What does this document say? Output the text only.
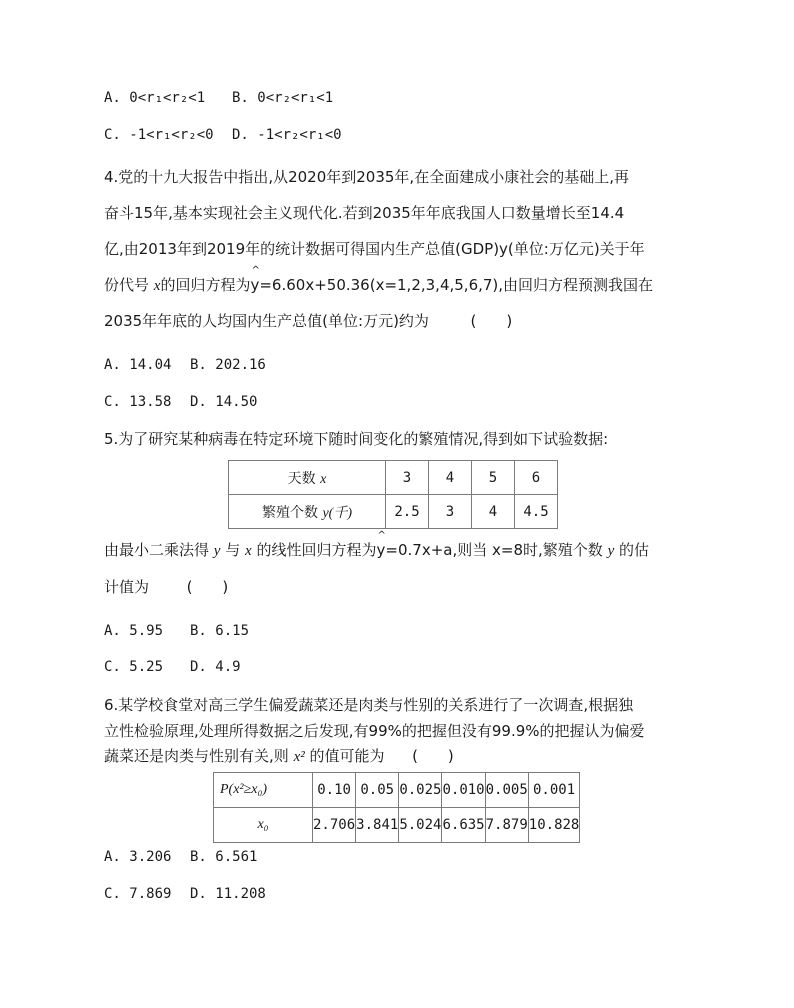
A. 0<r₁<r₂<1 B. 0<r₂<r₁<1
C. -1<r₁<r₂<0 D. -1<r₂<r₁<0
4.党的十九大报告中指出,从2020年到2035年,在全面建成小康社会的基础上,再
奋斗15年,基本实现社会主义现代化.若到2035年年底我国人口数量增长至14.4
亿,由2013年到2019年的统计数据可得国内生产总值(GDP)y(单位:万亿元)关于年
份代号 x的回归方程为^ y=6.60x+50.36(x=1,2,3,4,5,6,7),由回归方程预测我国在
2035年年底的人均国内生产总值(单位:万元)约为	(　　)
A. 14.04 B. 202.16
C. 13.58 D. 14.50
5.为了研究某种病毒在特定环境下随时间变化的繁殖情况,得到如下试验数据:
天数 x	3	4	5	6
繁殖个数 y(千)	2.5	3	4	4.5
由最小二乘法得 y 与 x 的线性回归方程为^ y=0.7x+a,则当 x=8时,繁殖个数 y 的估
计值为	(　　)
A. 5.95 B. 6.15
C. 5.25 D. 4.9
6.某学校食堂对高三学生偏爱蔬菜还是肉类与性别的关系进行了一次调查,根据独
立性检验原理,处理所得数据之后发现,有99%的把握但没有99.9%的把握认为偏爱
蔬菜还是肉类与性别有关,则 x² 的值可能为 (　　)
P(x²≥x₀)	0.10	0.05	0.025	0.010	0.005	0.001
x₀	2.706	3.841	5.024	6.635	7.879	10.828
A. 3.206 B. 6.561
C. 7.869 D. 11.208
